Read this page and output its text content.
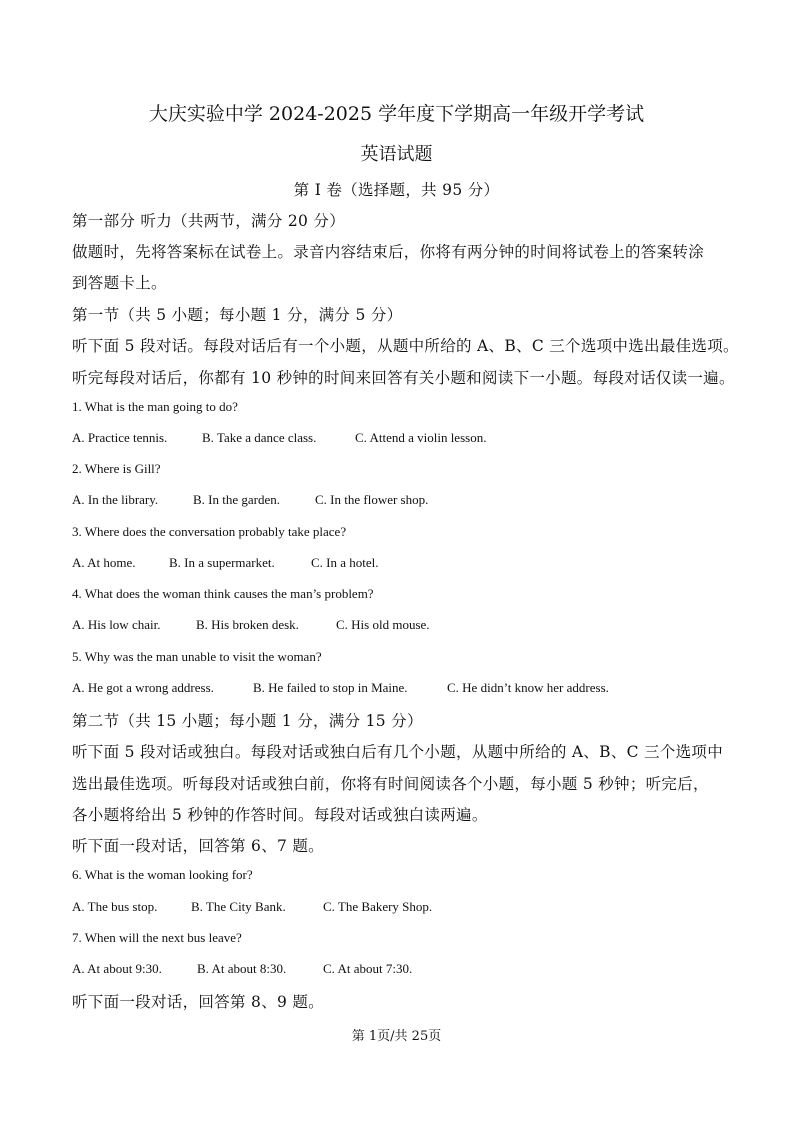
大庆实验中学 2024-2025 学年度下学期高一年级开学考试
英语试题
第 I 卷（选择题，共 95 分）
第一部分 听力（共两节，满分 20 分）
做题时，先将答案标在试卷上。录音内容结束后，你将有两分钟的时间将试卷上的答案转涂
到答题卡上。
第一节（共 5 小题；每小题 1 分，满分 5 分）
听下面 5 段对话。每段对话后有一个小题，从题中所给的 A、B、C 三个选项中选出最佳选项。
听完每段对话后，你都有 10 秒钟的时间来回答有关小题和阅读下一小题。每段对话仅读一遍。
1. What is the man going to do?
A. Practice tennis.	B. Take a dance class.	C. Attend a violin lesson.
2. Where is Gill?
A. In the library.	B. In the garden.	C. In the flower shop.
3. Where does the conversation probably take place?
A. At home.	B. In a supermarket.	C. In a hotel.
4. What does the woman think causes the man’s problem?
A. His low chair.	B. His broken desk.	C. His old mouse.
5. Why was the man unable to visit the woman?
A. He got a wrong address.	B. He failed to stop in Maine.	C. He didn’t know her address.
第二节（共 15 小题；每小题 1 分，满分 15 分）
听下面 5 段对话或独白。每段对话或独白后有几个小题，从题中所给的 A、B、C 三个选项中
选出最佳选项。听每段对话或独白前，你将有时间阅读各个小题，每小题 5 秒钟；听完后，
各小题将给出 5 秒钟的作答时间。每段对话或独白读两遍。
听下面一段对话，回答第 6、7 题。
6. What is the woman looking for?
A. The bus stop.	B. The City Bank.	C. The Bakery Shop.
7. When will the next bus leave?
A. At about 9:30.	B. At about 8:30.	C. At about 7:30.
听下面一段对话，回答第 8、9 题。
第 1页/共 25页
